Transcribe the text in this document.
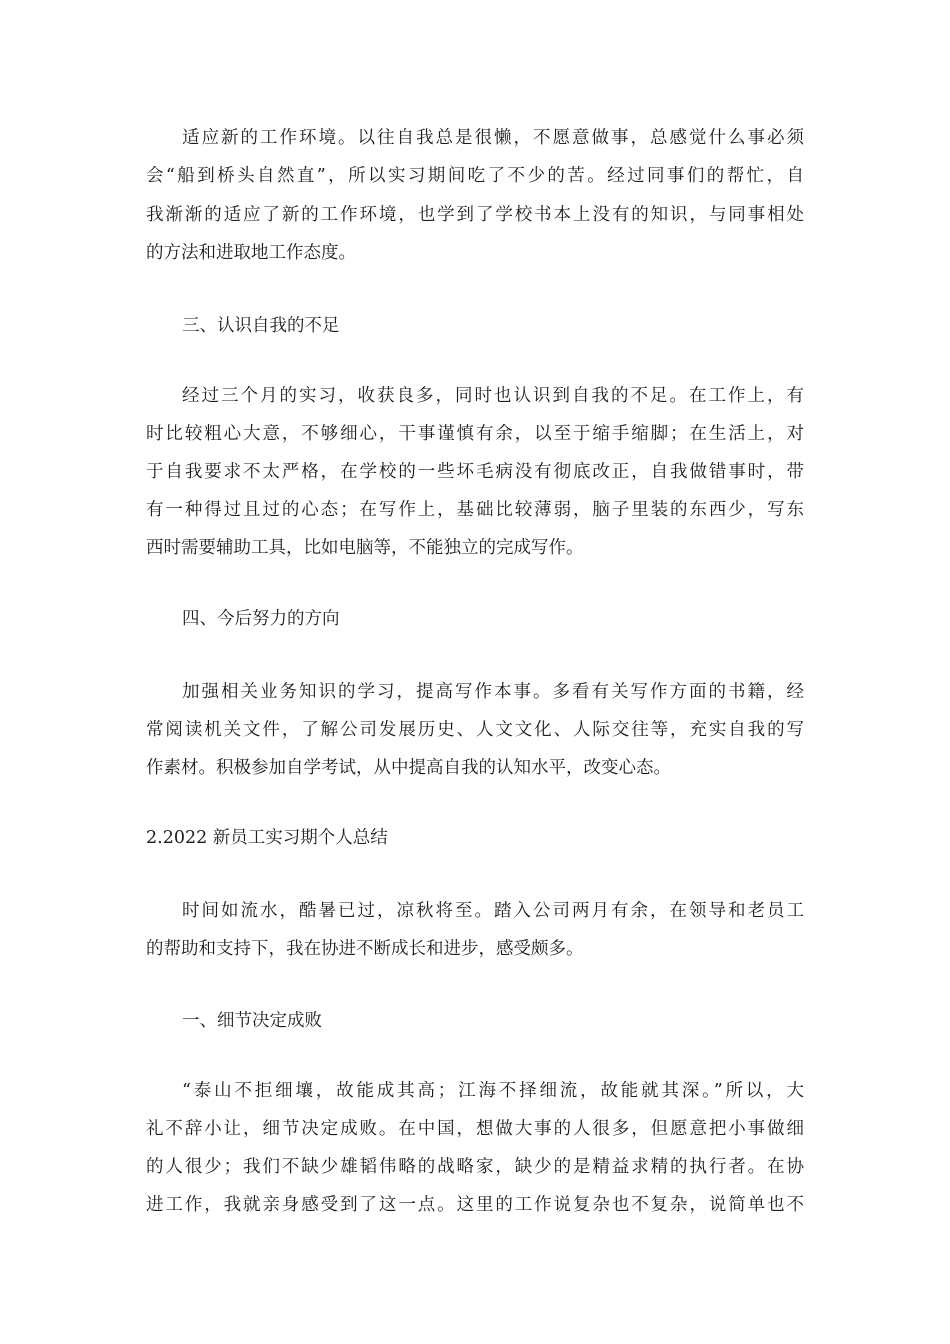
适应新的工作环境。以往自我总是很懒，不愿意做事，总感觉什么事必须
会“船到桥头自然直”，所以实习期间吃了不少的苦。经过同事们的帮忙，自
我渐渐的适应了新的工作环境，也学到了学校书本上没有的知识，与同事相处
的方法和进取地工作态度。
三、认识自我的不足
经过三个月的实习，收获良多，同时也认识到自我的不足。在工作上，有
时比较粗心大意，不够细心，干事谨慎有余，以至于缩手缩脚；在生活上，对
于自我要求不太严格，在学校的一些坏毛病没有彻底改正，自我做错事时，带
有一种得过且过的心态；在写作上，基础比较薄弱，脑子里装的东西少，写东
西时需要辅助工具，比如电脑等，不能独立的完成写作。
四、今后努力的方向
加强相关业务知识的学习，提高写作本事。多看有关写作方面的书籍，经
常阅读机关文件，了解公司发展历史、人文文化、人际交往等，充实自我的写
作素材。积极参加自学考试，从中提高自我的认知水平，改变心态。
2.2022 新员工实习期个人总结
时间如流水，酷暑已过，凉秋将至。踏入公司两月有余，在领导和老员工
的帮助和支持下，我在协进不断成长和进步，感受颇多。
一、细节决定成败
“泰山不拒细壤，故能成其高；江海不择细流，故能就其深。”所以，大
礼不辞小让，细节决定成败。在中国，想做大事的人很多，但愿意把小事做细
的人很少；我们不缺少雄韬伟略的战略家，缺少的是精益求精的执行者。在协
进工作，我就亲身感受到了这一点。这里的工作说复杂也不复杂，说简单也不
